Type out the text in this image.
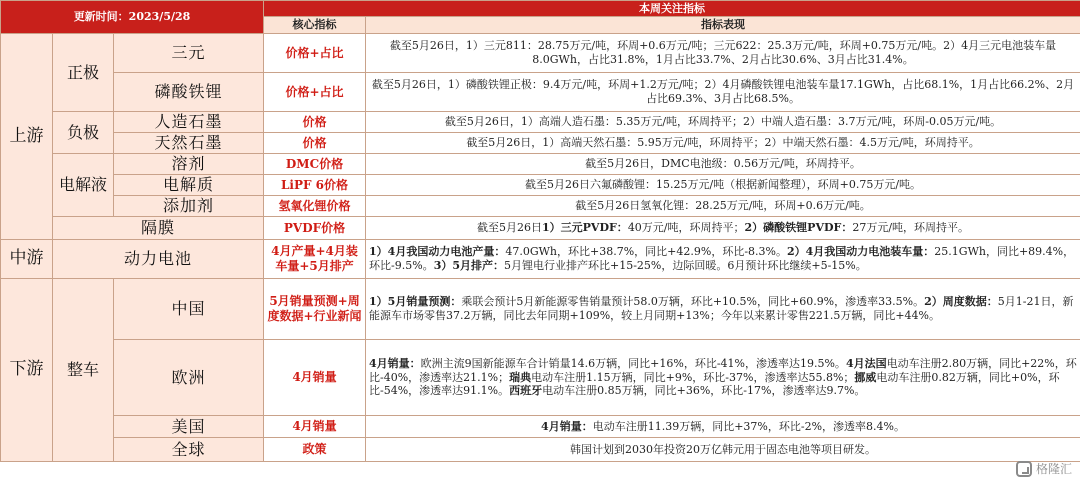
更新时间：2023/5/28			本周关注指标	
			核心指标	指标表现
上游	正极	三元	价格+占比	截至5月26日，1）三元811：28.75万元/吨，环周+0.6万元/吨；三元622：25.3万元/吨，环周+0.75万元/吨。2）4月三元电池装车量8.0GWh，占比31.8%，1月占比33.7%、2月占比30.6%、3月占比31.4%。
		磷酸铁锂	价格+占比	截至5月26日，1）磷酸铁锂正极：9.4万元/吨，环周+1.2万元/吨；2）4月磷酸铁锂电池装车量17.1GWh，占比68.1%，1月占比66.2%、2月占比69.3%、3月占比68.5%。
	负极	人造石墨	价格	截至5月26日，1）高端人造石墨：5.35万元/吨，环周持平；2）中端人造石墨：3.7万元/吨，环周-0.05万元/吨。
		天然石墨	价格	截至5月26日，1）高端天然石墨：5.95万元/吨，环周持平；2）中端天然石墨：4.5万元/吨，环周持平。
	电解液	溶剂	DMC价格	截至5月26日，DMC电池级：0.56万元/吨，环周持平。
		电解质	LiPF 6价格	截至5月26日六氟磷酸锂：15.25万元/吨（根据新闻整理），环周+0.75万元/吨。
		添加剂	氢氧化锂价格	截至5月26日氢氧化锂：28.25万元/吨，环周+0.6万元/吨。
	隔膜		PVDF价格	截至5月26日1）三元PVDF：40万元/吨，环周持平；2）磷酸铁锂PVDF：27万元/吨，环周持平。
中游	动力电池		4月产量+4月装车量+5月排产	1）4月我国动力电池产量：47.0GWh，环比+38.7%，同比+42.9%，环比-8.3%。2）4月我国动力电池装车量：25.1GWh，同比+89.4%，环比-9.5%。3）5月排产：5月锂电行业排产环比+15-25%，边际回暖。6月预计环比继续+5-15%。
下游	整车	中国	5月销量预测+周度数据+行业新闻	1）5月销量预测：乘联会预计5月新能源零售销量预计58.0万辆，环比+10.5%，同比+60.9%，渗透率33.5%。2）周度数据：5月1-21日，新能源车市场零售37.2万辆，同比去年同期+109%，较上月同期+13%；今年以来累计零售221.5万辆，同比+44%。
		欧洲	4月销量	4月销量：欧洲主流9国新能源车合计销量14.6万辆，同比+16%，环比-41%，渗透率达19.5%。4月法国电动车注册2.80万辆，同比+22%，环比-40%，渗透率达21.1%；瑞典电动车注册1.15万辆，同比+9%，环比-37%，渗透率达55.8%；挪威电动车注册0.82万辆，同比+0%，环比-54%，渗透率达91.1%。西班牙电动车注册0.85万辆，同比+36%，环比-17%，渗透率达9.7%。
		美国	4月销量	4月销量：电动车注册11.39万辆，同比+37%，环比-2%，渗透率8.4%。
		全球	政策	韩国计划到2030年投资20万亿韩元用于固态电池等项目研发。
格隆汇
